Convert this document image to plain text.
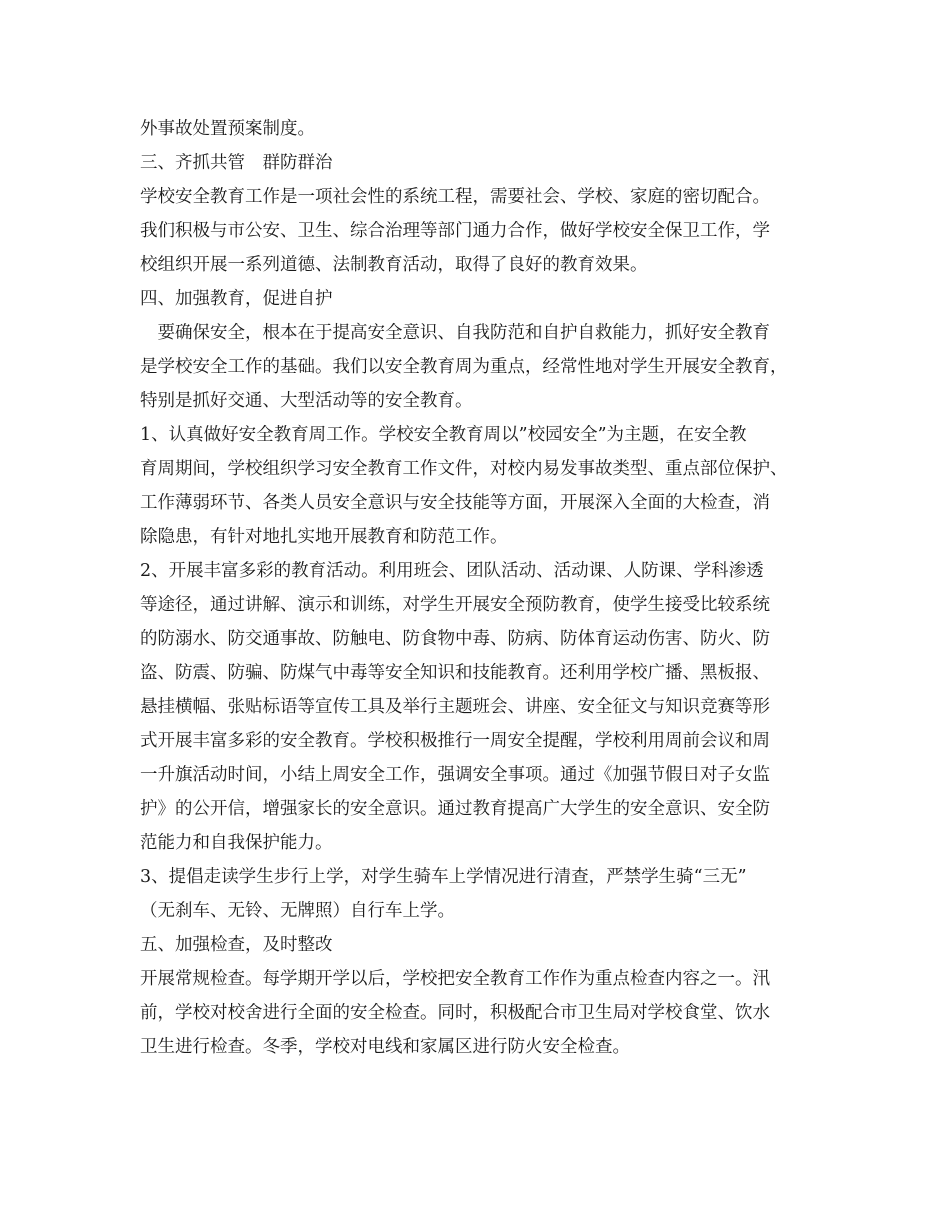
外事故处置预案制度。
三、齐抓共管　群防群治
学校安全教育工作是一项社会性的系统工程，需要社会、学校、家庭的密切配合。
我们积极与市公安、卫生、综合治理等部门通力合作，做好学校安全保卫工作，学
校组织开展一系列道德、法制教育活动，取得了良好的教育效果。
四、加强教育，促进自护
　要确保安全，根本在于提高安全意识、自我防范和自护自救能力，抓好安全教育
是学校安全工作的基础。我们以安全教育周为重点，经常性地对学生开展安全教育，
特别是抓好交通、大型活动等的安全教育。
1、认真做好安全教育周工作。学校安全教育周以”校园安全”为主题，在安全教
育周期间，学校组织学习安全教育工作文件，对校内易发事故类型、重点部位保护、
工作薄弱环节、各类人员安全意识与安全技能等方面，开展深入全面的大检查，消
除隐患，有针对地扎实地开展教育和防范工作。
2、开展丰富多彩的教育活动。利用班会、团队活动、活动课、人防课、学科渗透
等途径，通过讲解、演示和训练，对学生开展安全预防教育，使学生接受比较系统
的防溺水、防交通事故、防触电、防食物中毒、防病、防体育运动伤害、防火、防
盗、防震、防骗、防煤气中毒等安全知识和技能教育。还利用学校广播、黑板报、
悬挂横幅、张贴标语等宣传工具及举行主题班会、讲座、安全征文与知识竞赛等形
式开展丰富多彩的安全教育。学校积极推行一周安全提醒，学校利用周前会议和周
一升旗活动时间，小结上周安全工作，强调安全事项。通过《加强节假日对子女监
护》的公开信，增强家长的安全意识。通过教育提高广大学生的安全意识、安全防
范能力和自我保护能力。
3、提倡走读学生步行上学，对学生骑车上学情况进行清查，严禁学生骑“三无”
（无刹车、无铃、无牌照）自行车上学。
五、加强检查，及时整改
开展常规检查。每学期开学以后，学校把安全教育工作作为重点检查内容之一。汛
前，学校对校舍进行全面的安全检查。同时，积极配合市卫生局对学校食堂、饮水
卫生进行检查。冬季，学校对电线和家属区进行防火安全检查。
